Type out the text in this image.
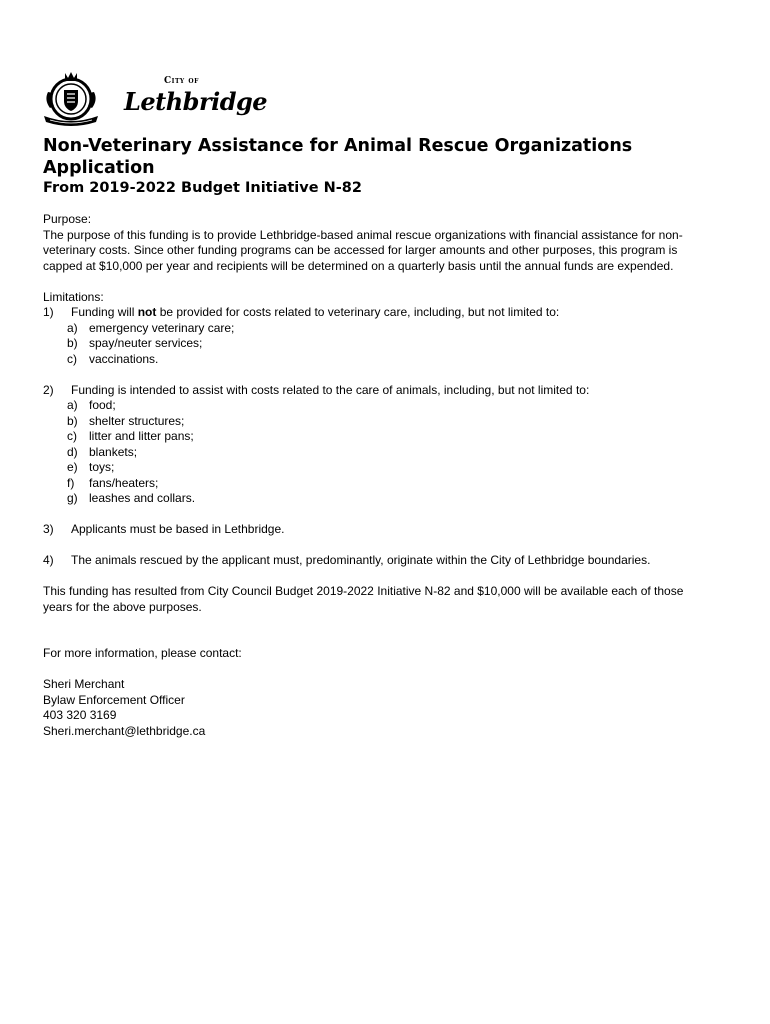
City of
Lethbridge
Non-Veterinary Assistance for Animal Rescue Organizations Application
From 2019-2022 Budget Initiative N-82

Purpose:

The purpose of this funding is to provide Lethbridge-based animal rescue organizations with financial assistance for non-veterinary costs. Since other funding programs can be accessed for larger amounts and other purposes, this program is capped at $10,000 per year and recipients will be determined on a quarterly basis until the annual funds are expended.

Limitations:

1)	Funding will not be provided for costs related to veterinary care, including, but not limited to:
a) emergency veterinary care;
b) spay/neuter services;
c)	vaccinations.
2)	Funding is intended to assist with costs related to the care of animals, including, but not limited to:
a) food;
b) shelter structures;
c)	litter and litter pans;
d) blankets;
e) toys;
f)	fans/heaters;
g) leashes and collars.
3)	Applicants must be based in Lethbridge.
4)	The animals rescued by the applicant must, predominantly, originate within the City of Lethbridge boundaries.

This funding has resulted from City Council Budget 2019-2022 Initiative N-82 and $10,000 will be available each of those years for the above purposes.

For more information, please contact:

Sheri Merchant

Bylaw Enforcement Officer

403 320 3169

Sheri.merchant@lethbridge.ca
